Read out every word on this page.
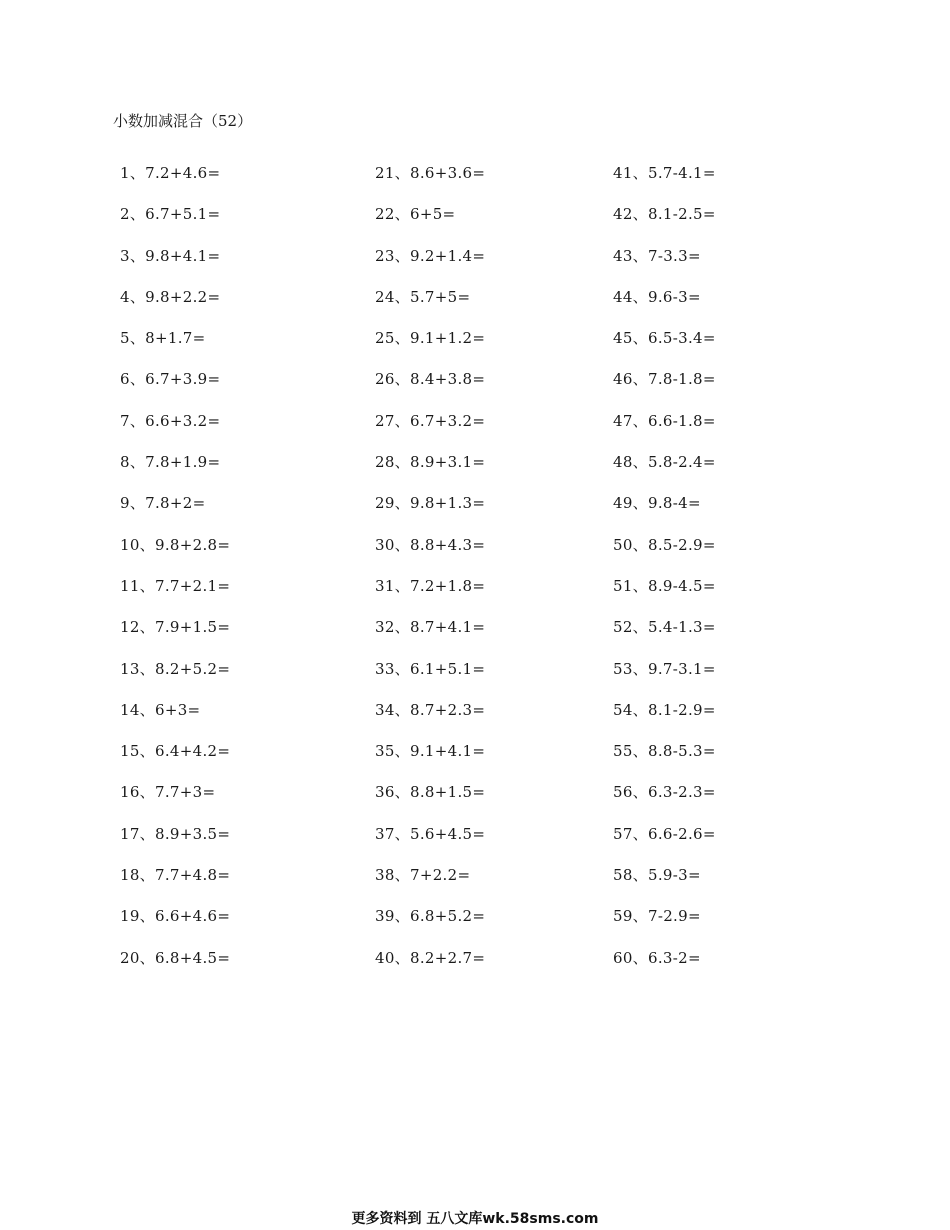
小数加减混合（52）
1、7.2+4.6=
2、6.7+5.1=
3、9.8+4.1=
4、9.8+2.2=
5、8+1.7=
6、6.7+3.9=
7、6.6+3.2=
8、7.8+1.9=
9、7.8+2=
10、9.8+2.8=
11、7.7+2.1=
12、7.9+1.5=
13、8.2+5.2=
14、6+3=
15、6.4+4.2=
16、7.7+3=
17、8.9+3.5=
18、7.7+4.8=
19、6.6+4.6=
20、6.8+4.5=
21、8.6+3.6=
22、6+5=
23、9.2+1.4=
24、5.7+5=
25、9.1+1.2=
26、8.4+3.8=
27、6.7+3.2=
28、8.9+3.1=
29、9.8+1.3=
30、8.8+4.3=
31、7.2+1.8=
32、8.7+4.1=
33、6.1+5.1=
34、8.7+2.3=
35、9.1+4.1=
36、8.8+1.5=
37、5.6+4.5=
38、7+2.2=
39、6.8+5.2=
40、8.2+2.7=
41、5.7-4.1=
42、8.1-2.5=
43、7-3.3=
44、9.6-3=
45、6.5-3.4=
46、7.8-1.8=
47、6.6-1.8=
48、5.8-2.4=
49、9.8-4=
50、8.5-2.9=
51、8.9-4.5=
52、5.4-1.3=
53、9.7-3.1=
54、8.1-2.9=
55、8.8-5.3=
56、6.3-2.3=
57、6.6-2.6=
58、5.9-3=
59、7-2.9=
60、6.3-2=
更多资料到 五八文库wk.58sms.com
